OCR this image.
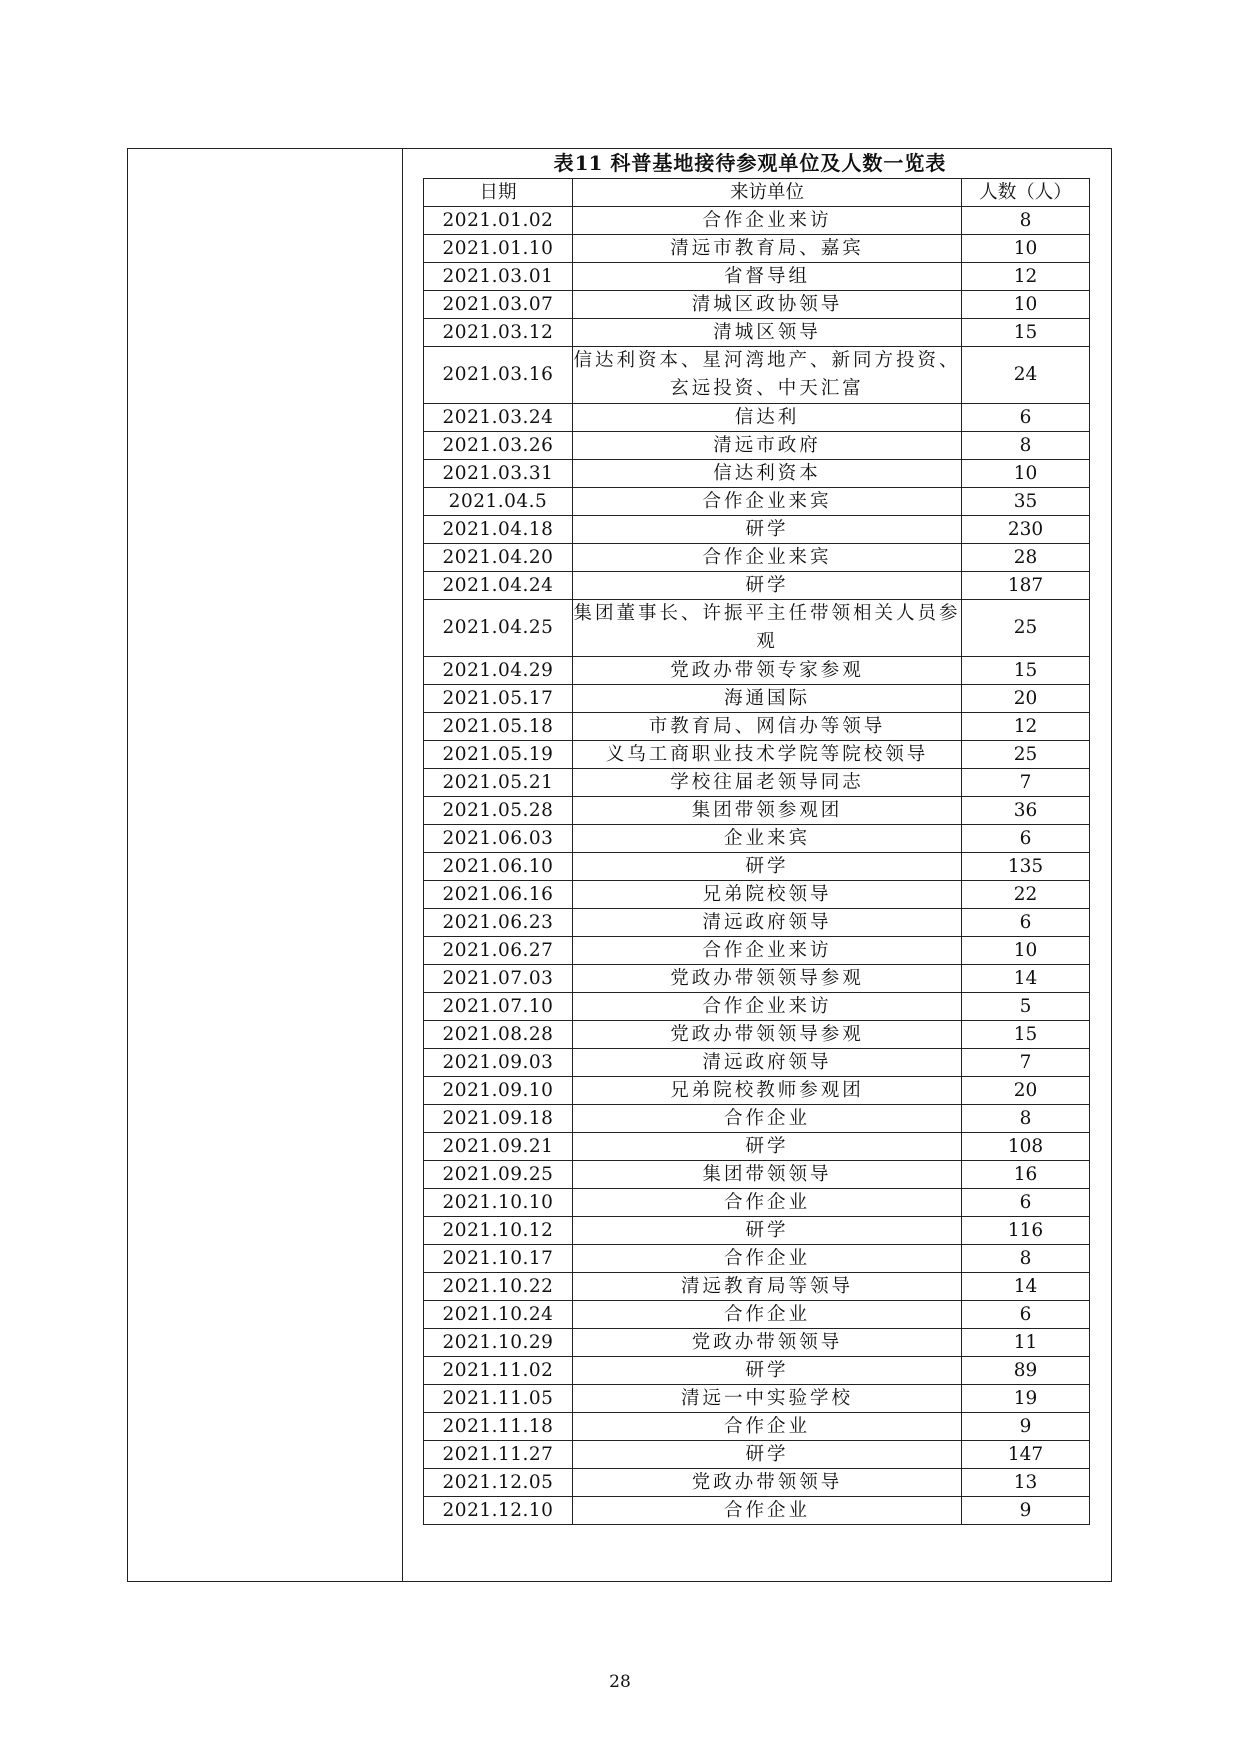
表11 科普基地接待参观单位及人数一览表
日期	来访单位	人数（人）
2021.01.02	合作企业来访	8
2021.01.10	清远市教育局、嘉宾	10
2021.03.01	省督导组	12
2021.03.07	清城区政协领导	10
2021.03.12	清城区领导	15
2021.03.16	信达利资本、星河湾地产、新同方投资、玄远投资、中天汇富	24
2021.03.24	信达利	6
2021.03.26	清远市政府	8
2021.03.31	信达利资本	10
2021.04.5	合作企业来宾	35
2021.04.18	研学	230
2021.04.20	合作企业来宾	28
2021.04.24	研学	187
2021.04.25	集团董事长、许振平主任带领相关人员参观	25
2021.04.29	党政办带领专家参观	15
2021.05.17	海通国际	20
2021.05.18	市教育局、网信办等领导	12
2021.05.19	义乌工商职业技术学院等院校领导	25
2021.05.21	学校往届老领导同志	7
2021.05.28	集团带领参观团	36
2021.06.03	企业来宾	6
2021.06.10	研学	135
2021.06.16	兄弟院校领导	22
2021.06.23	清远政府领导	6
2021.06.27	合作企业来访	10
2021.07.03	党政办带领领导参观	14
2021.07.10	合作企业来访	5
2021.08.28	党政办带领领导参观	15
2021.09.03	清远政府领导	7
2021.09.10	兄弟院校教师参观团	20
2021.09.18	合作企业	8
2021.09.21	研学	108
2021.09.25	集团带领领导	16
2021.10.10	合作企业	6
2021.10.12	研学	116
2021.10.17	合作企业	8
2021.10.22	清远教育局等领导	14
2021.10.24	合作企业	6
2021.10.29	党政办带领领导	11
2021.11.02	研学	89
2021.11.05	清远一中实验学校	19
2021.11.18	合作企业	9
2021.11.27	研学	147
2021.12.05	党政办带领领导	13
2021.12.10	合作企业	9
28
